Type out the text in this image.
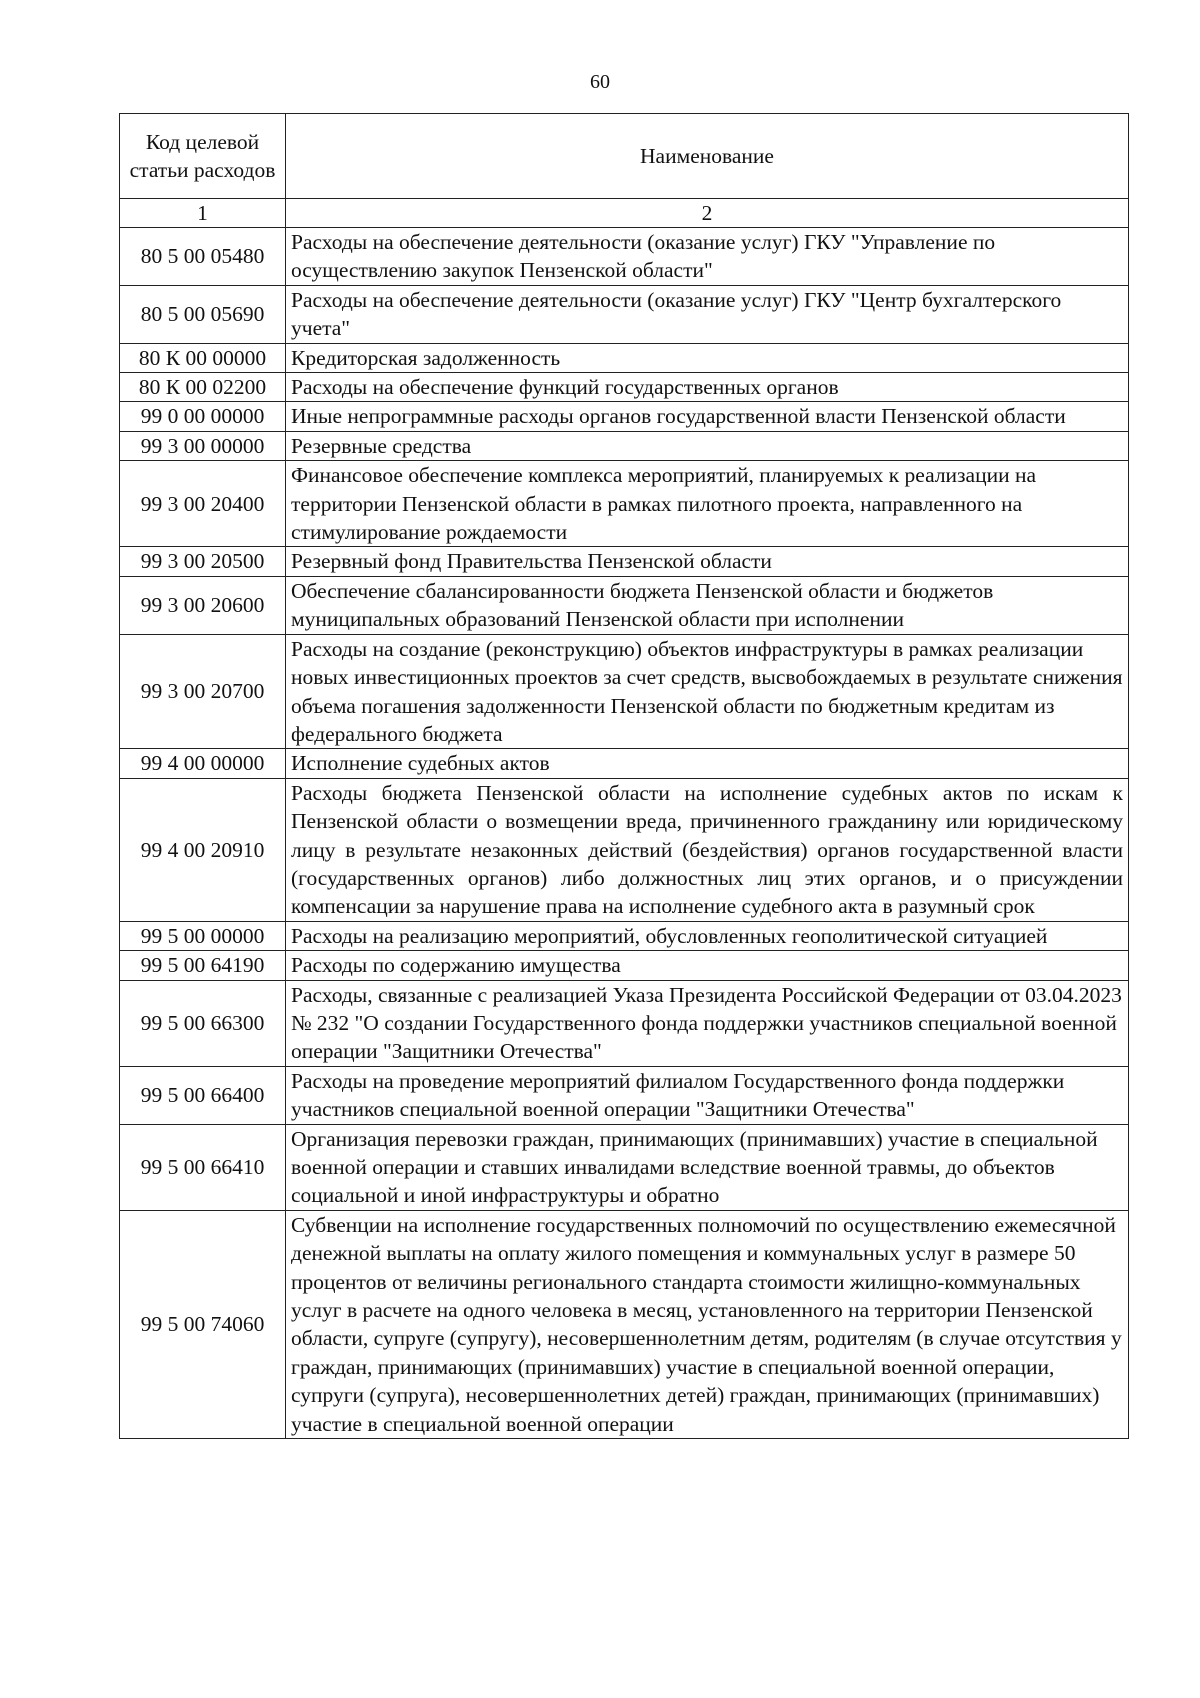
60
Код целевой статьи расходов	Наименование
1	2
80 5 00 05480	Расходы на обеспечение деятельности (оказание услуг) ГКУ "Управление по осуществлению закупок Пензенской области"
80 5 00 05690	Расходы на обеспечение деятельности (оказание услуг) ГКУ "Центр бухгалтерского учета"
80 К 00 00000	Кредиторская задолженность
80 К 00 02200	Расходы на обеспечение функций государственных органов
99 0 00 00000	Иные непрограммные расходы органов государственной власти Пензенской области
99 3 00 00000	Резервные средства
99 3 00 20400	Финансовое обеспечение комплекса мероприятий, планируемых к реализации на территории Пензенской области в рамках пилотного проекта, направленного на стимулирование рождаемости
99 3 00 20500	Резервный фонд Правительства Пензенской области
99 3 00 20600	Обеспечение сбалансированности бюджета Пензенской области и бюджетов муниципальных образований Пензенской области при исполнении
99 3 00 20700	Расходы на создание (реконструкцию) объектов инфраструктуры в рамках реализации новых инвестиционных проектов за счет средств, высвобождаемых в результате снижения объема погашения задолженности Пензенской области по бюджетным кредитам из федерального бюджета
99 4 00 00000	Исполнение судебных актов
99 4 00 20910	Расходы бюджета Пензенской области на исполнение судебных актов по искам к Пензенской области о возмещении вреда, причиненного гражданину или юридическому лицу в результате незаконных действий (бездействия) органов государственной власти (государственных органов) либо должностных лиц этих органов, и о присуждении компенсации за нарушение права на исполнение судебного акта в разумный срок
99 5 00 00000	Расходы на реализацию мероприятий, обусловленных геополитической ситуацией
99 5 00 64190	Расходы по содержанию имущества
99 5 00 66300	Расходы, связанные с реализацией Указа Президента Российской Федерации от 03.04.2023 № 232 "О создании Государственного фонда поддержки участников специальной военной операции "Защитники Отечества"
99 5 00 66400	Расходы на проведение мероприятий филиалом Государственного фонда поддержки участников специальной военной операции "Защитники Отечества"
99 5 00 66410	Организация перевозки граждан, принимающих (принимавших) участие в специальной военной операции и ставших инвалидами вследствие военной травмы, до объектов социальной и иной инфраструктуры и обратно
99 5 00 74060	Субвенции на исполнение государственных полномочий по осуществлению ежемесячной денежной выплаты на оплату жилого помещения и коммунальных услуг в размере 50 процентов от величины регионального стандарта стоимости жилищно-коммунальных услуг в расчете на одного человека в месяц, установленного на территории Пензенской области, супруге (супругу), несовершеннолетним детям, родителям (в случае отсутствия у граждан, принимающих (принимавших) участие в специальной военной операции, супруги (супруга), несовершеннолетних детей) граждан, принимающих (принимавших) участие в специальной военной операции
